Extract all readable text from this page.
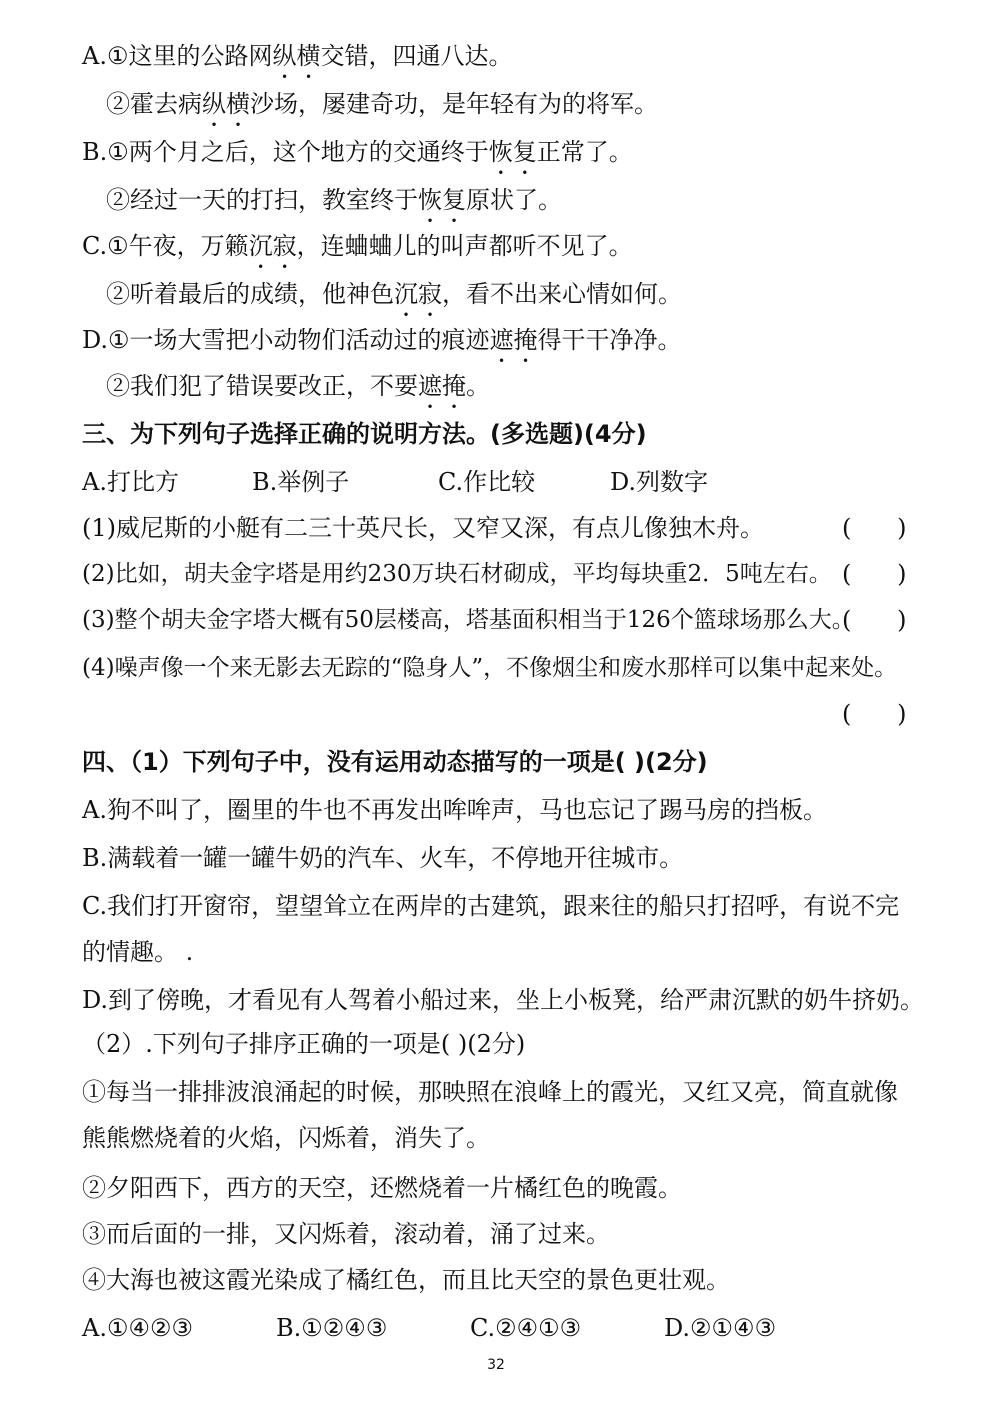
A.①这里的公路网纵横交错，四通八达。
②霍去病纵横沙场，屡建奇功，是年轻有为的将军。
B.①两个月之后，这个地方的交通终于恢复正常了。
②经过一天的打扫，教室终于恢复原状了。
C.①午夜，万籁沉寂，连蛐蛐儿的叫声都听不见了。
②听着最后的成绩，他神色沉寂，看不出来心情如何。
D.①一场大雪把小动物们活动过的痕迹遮掩得干干净净。
②我们犯了错误要改正，不要遮掩。
三、为下列句子选择正确的说明方法。(多选题)(4分)
A.打比方	B.举例子	C.作比较	D.列数字
(1)威尼斯的小艇有二三十英尺长，又窄又深，有点儿像独木舟。	(      )
(2)比如，胡夫金字塔是用约230万块石材砌成，平均每块重2．5吨左右。 (      )
(3)整个胡夫金字塔大概有50层楼高，塔基面积相当于126个篮球场那么大。
(      )
(4)噪声像一个来无影去无踪的“隐身人”，不像烟尘和废水那样可以集中起来处。
(      )
四、（1）下列句子中，没有运用动态描写的一项是( )(2分)
A.狗不叫了，圈里的牛也不再发出哞哞声，马也忘记了踢马房的挡板。
B.满载着一罐一罐牛奶的汽车、火车，不停地开往城市。
C.我们打开窗帘，望望耸立在两岸的古建筑，跟来往的船只打招呼，有说不完
的情趣。 .
D.到了傍晚，才看见有人驾着小船过来，坐上小板凳，给严肃沉默的奶牛挤奶。
（2）.下列句子排序正确的一项是( )(2分)
①每当一排排波浪涌起的时候，那映照在浪峰上的霞光，又红又亮，简直就像
熊熊燃烧着的火焰，闪烁着，消失了。
②夕阳西下，西方的天空，还燃烧着一片橘红色的晚霞。
③而后面的一排，又闪烁着，滚动着，涌了过来。
④大海也被这霞光染成了橘红色，而且比天空的景色更壮观。
A.①④②③	B.①②④③	C.②④①③	D.②①④③
32
